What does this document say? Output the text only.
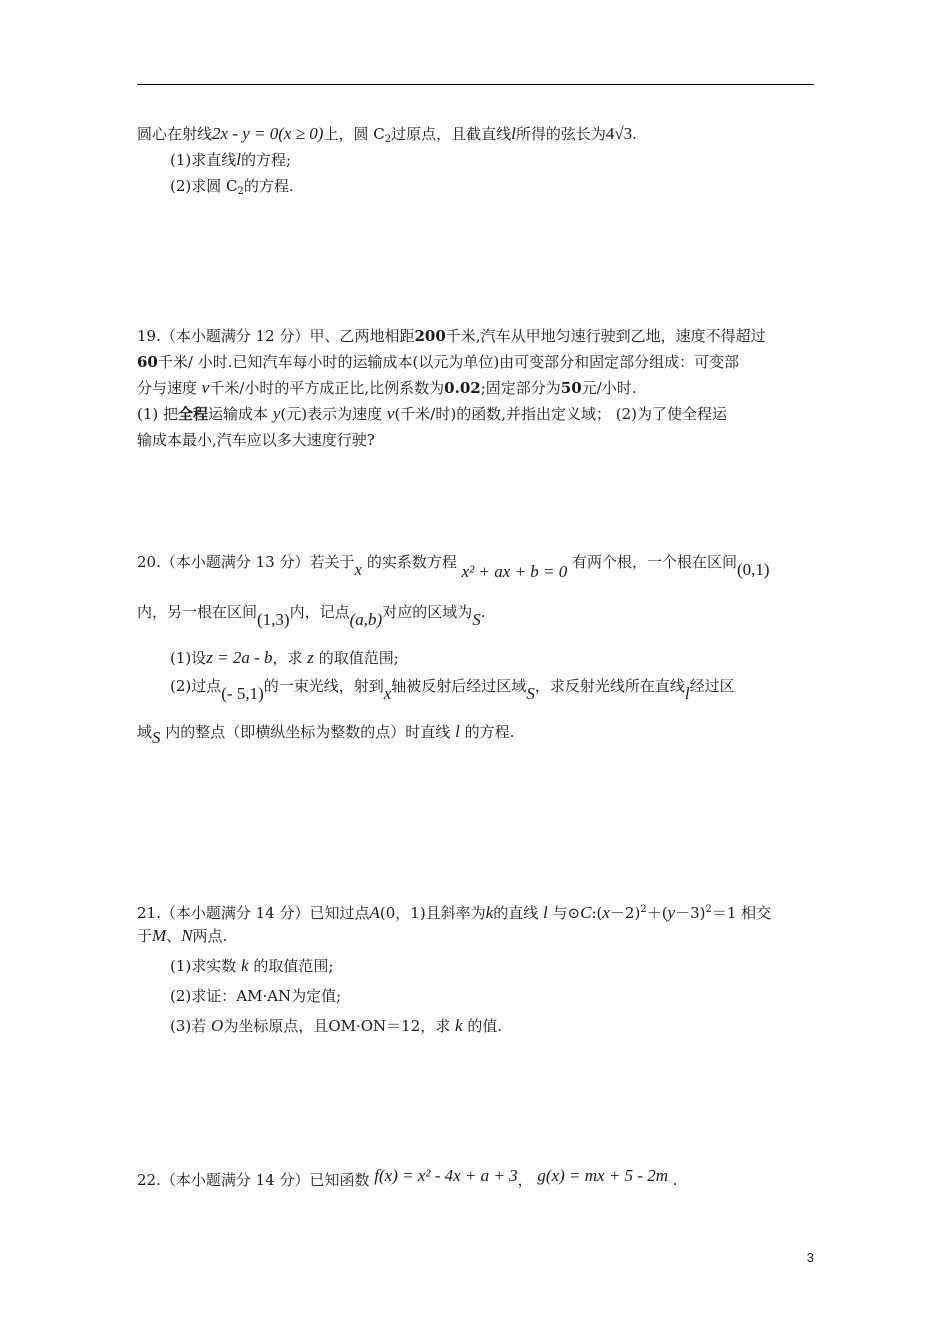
圆心在射线2x - y = 0(x ≥ 0)上，圆 $C_2$过原点，且截直线l所得的弦长为4√3.
(1)求直线l的方程;
(2)求圆 $C_2$的方程.
19.（本小题满分 12 分）甲、乙两地相距200千米,汽车从甲地匀速行驶到乙地，速度不得超过
60千米/ 小时.已知汽车每小时的运输成本(以元为单位)由可变部分和固定部分组成：可变部
分与速度 v千米/小时的平方成正比,比例系数为0.02;固定部分为50元/小时.
(1) 把全程运输成本 y(元)表示为速度 v(千米/时)的函数,并指出定义域； (2)为了使全程运
输成本最小,汽车应以多大速度行驶?
20.（本小题满分 13 分）若关于x 的实系数方程 x² + ax + b = 0 有两个根，一个根在区间(0,1)
内，另一根在区间(1,3)内，记点(a,b)对应的区域为S.
(1)设z = 2a - b，求 z 的取值范围;
(2)过点(- 5,1)的一束光线，射到x轴被反射后经过区域S，求反射光线所在直线l经过区
域S 内的整点（即横纵坐标为整数的点）时直线 l 的方程.
21.（本小题满分 14 分）已知过点A(0，1)且斜率为k的直线 l 与$⊙C:(x-2)^2+(y-3)^2=1$ 相交
于M、N两点.
(1)求实数 k 的取值范围;
(2)求证：AM·AN为定值;
(3)若 O为坐标原点，且OM·ON＝12，求 k 的值.
22.（本小题满分 14 分）已知函数 f(x) = x² - 4x + a + 3， g(x) = mx + 5 - 2m .
3
